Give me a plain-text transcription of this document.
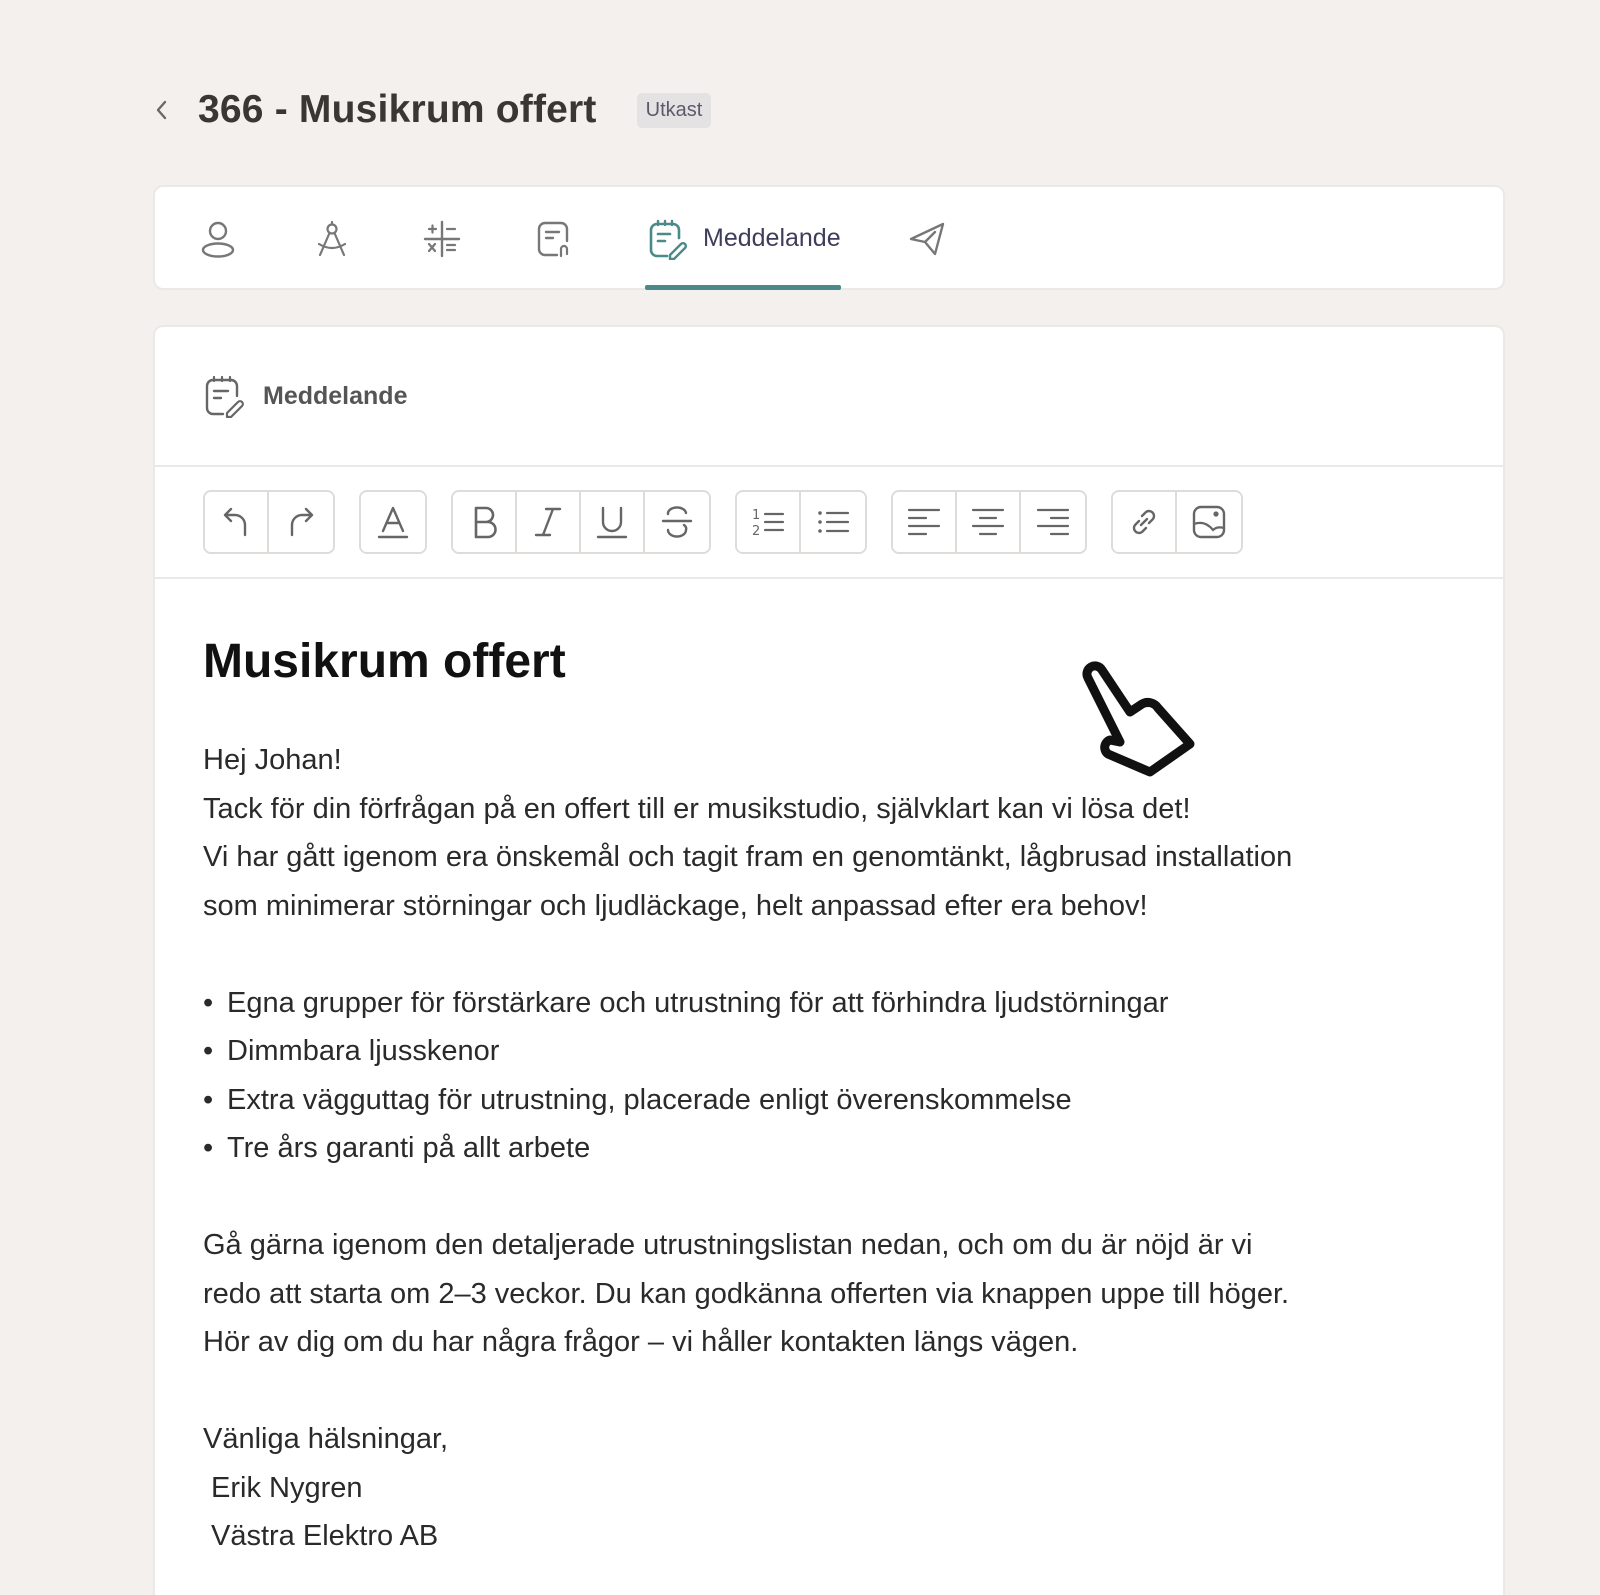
366 - Musikrum offert	Utkast
Meddelande
Meddelande
1
2
Musikrum offert
Hej Johan!
Tack för din förfrågan på en offert till er musikstudio, självklart kan vi lösa det!
Vi har gått igenom era önskemål och tagit fram en genomtänkt, lågbrusad installation
som minimerar störningar och ljudläckage, helt anpassad efter era behov!
• Egna grupper för förstärkare och utrustning för att förhindra ljudstörningar
• Dimmbara ljusskenor
• Extra vägguttag för utrustning, placerade enligt överenskommelse
• Tre års garanti på allt arbete
Gå gärna igenom den detaljerade utrustningslistan nedan, och om du är nöjd är vi
redo att starta om 2–3 veckor. Du kan godkänna offerten via knappen uppe till höger.
Hör av dig om du har några frågor – vi håller kontakten längs vägen.
Vänliga hälsningar,
Erik Nygren
Västra Elektro AB
